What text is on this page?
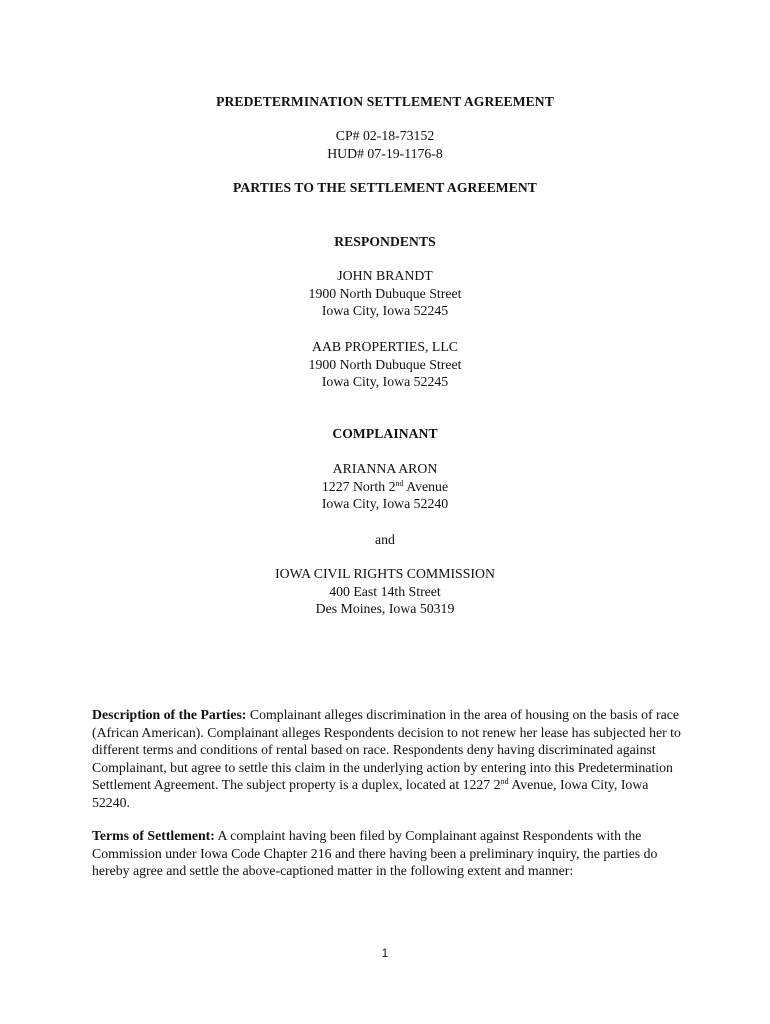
PREDETERMINATION SETTLEMENT AGREEMENT

CP# 02-18-73152

HUD# 07-19-1176-8

PARTIES TO THE SETTLEMENT AGREEMENT

RESPONDENTS

JOHN BRANDT
1900 North Dubuque Street
Iowa City, Iowa 52245
AAB PROPERTIES, LLC
1900 North Dubuque Street
Iowa City, Iowa 52245

COMPLAINANT

ARIANNA ARON
1227 North 2nd Avenue
Iowa City, Iowa 52240

and

IOWA CIVIL RIGHTS COMMISSION
400 East 14th Street
Des Moines, Iowa 50319

Description of the Parties: Complainant alleges discrimination in the area of housing on the basis of race (African American). Complainant alleges Respondents decision to not renew her lease has subjected her to different terms and conditions of rental based on race. Respondents deny having discriminated against Complainant, but agree to settle this claim in the underlying action by entering into this Predetermination Settlement Agreement. The subject property is a duplex, located at 1227 2nd Avenue, Iowa City, Iowa 52240.

Terms of Settlement: A complaint having been filed by Complainant against Respondents with the Commission under Iowa Code Chapter 216 and there having been a preliminary inquiry, the parties do hereby agree and settle the above-captioned matter in the following extent and manner:

1
